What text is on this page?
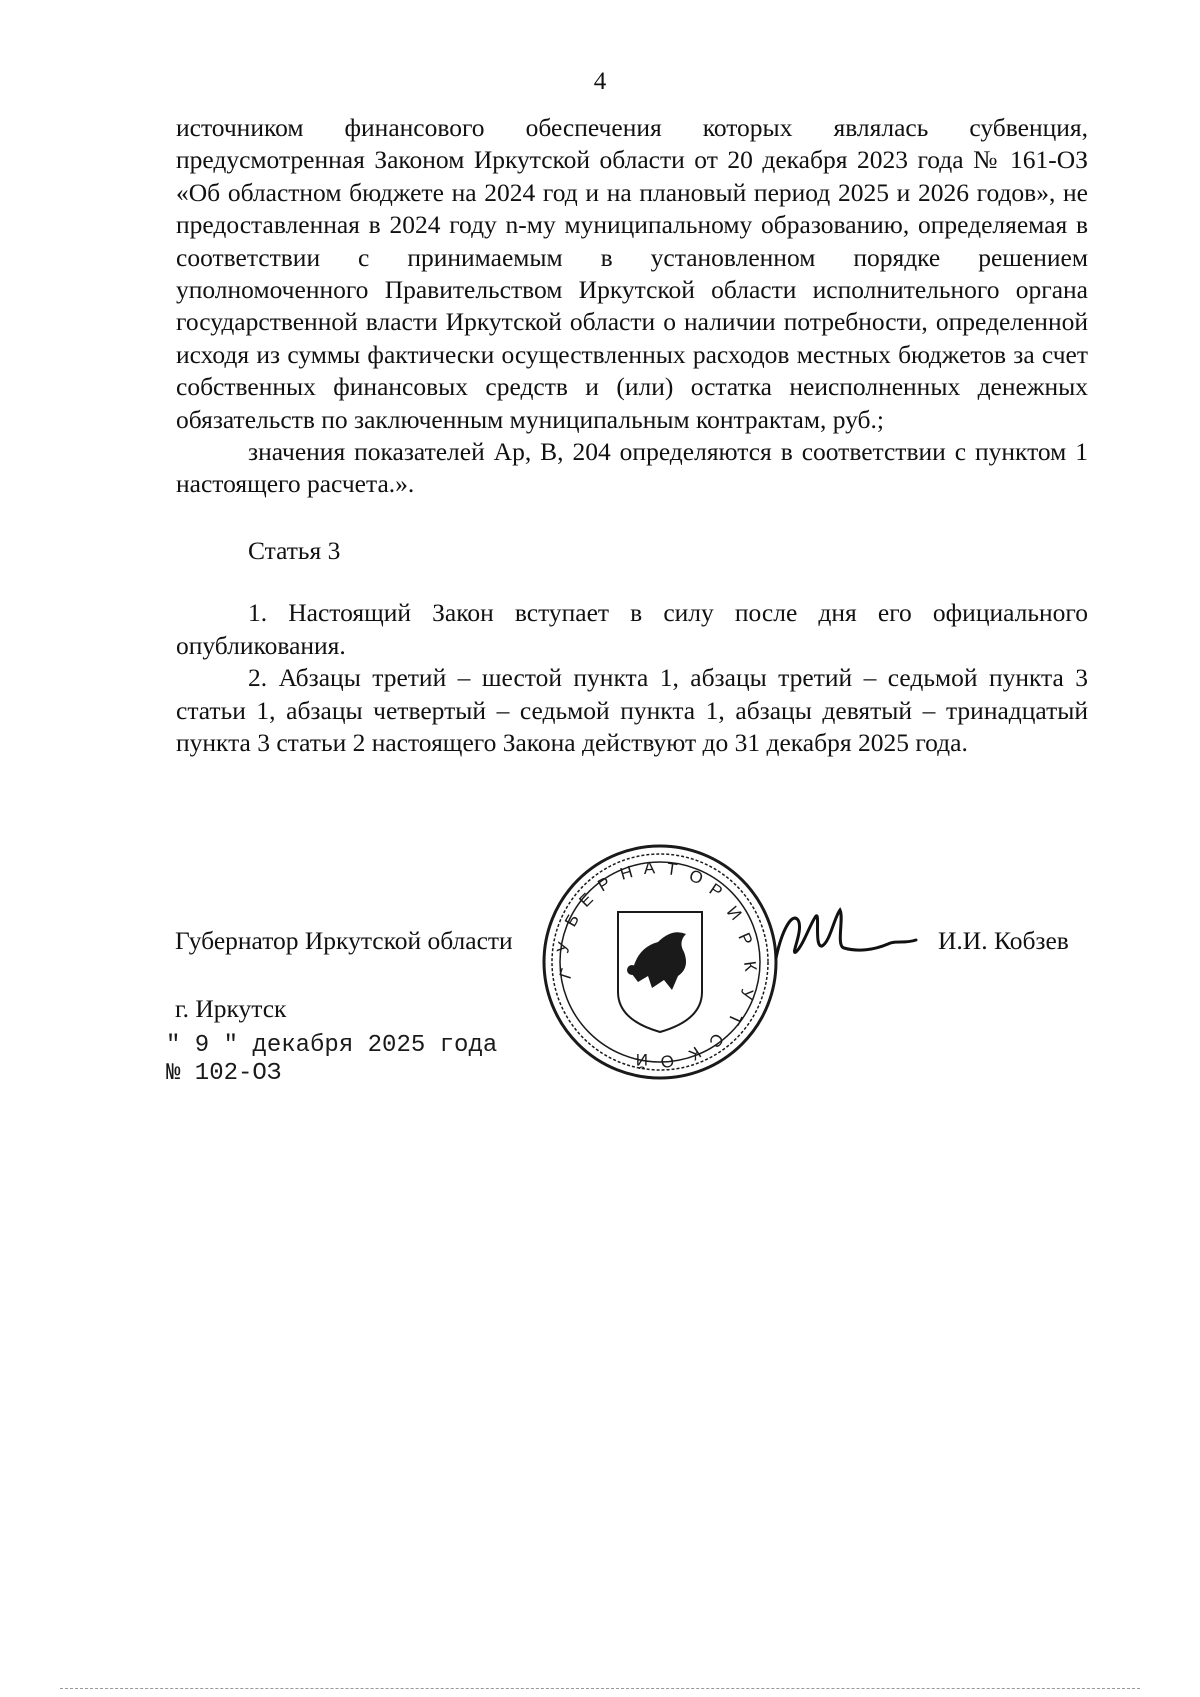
4

источником финансового обеспечения которых являлась субвенция, предусмотренная Законом Иркутской области от 20 декабря 2023 года № 161-ОЗ «Об областном бюджете на 2024 год и на плановый период 2025 и 2026 годов», не предоставленная в 2024 году n-му муниципальному образованию, определяемая в соответствии с принимаемым в установленном порядке решением уполномоченного Правительством Иркутской области исполнительного органа государственной власти Иркутской области о наличии потребности, определенной исходя из суммы фактически осуществленных расходов местных бюджетов за счет собственных финансовых средств и (или) остатка неисполненных денежных обязательств по заключенным муниципальным контрактам, руб.;

значения показателей Ар, В, 204 определяются в соответствии с пунктом 1 настоящего расчета.».

Статья 3

1. Настоящий Закон вступает в силу после дня его официального опубликования.

2. Абзацы третий – шестой пункта 1, абзацы третий – седьмой пункта 3 статьи 1, абзацы четвертый – седьмой пункта 1, абзацы девятый – тринадцатый пункта 3 статьи 2 настоящего Закона действуют до 31 декабря 2025 года.

Губернатор Иркутской области
Г
У
Б
Е
Р
Н А Т О
Р
И
Р
К
У
Т
С
К
О
Й
И.И. Кобзев
г. Иркутск
" 9 " декабря 2025 года
№ 102-ОЗ
